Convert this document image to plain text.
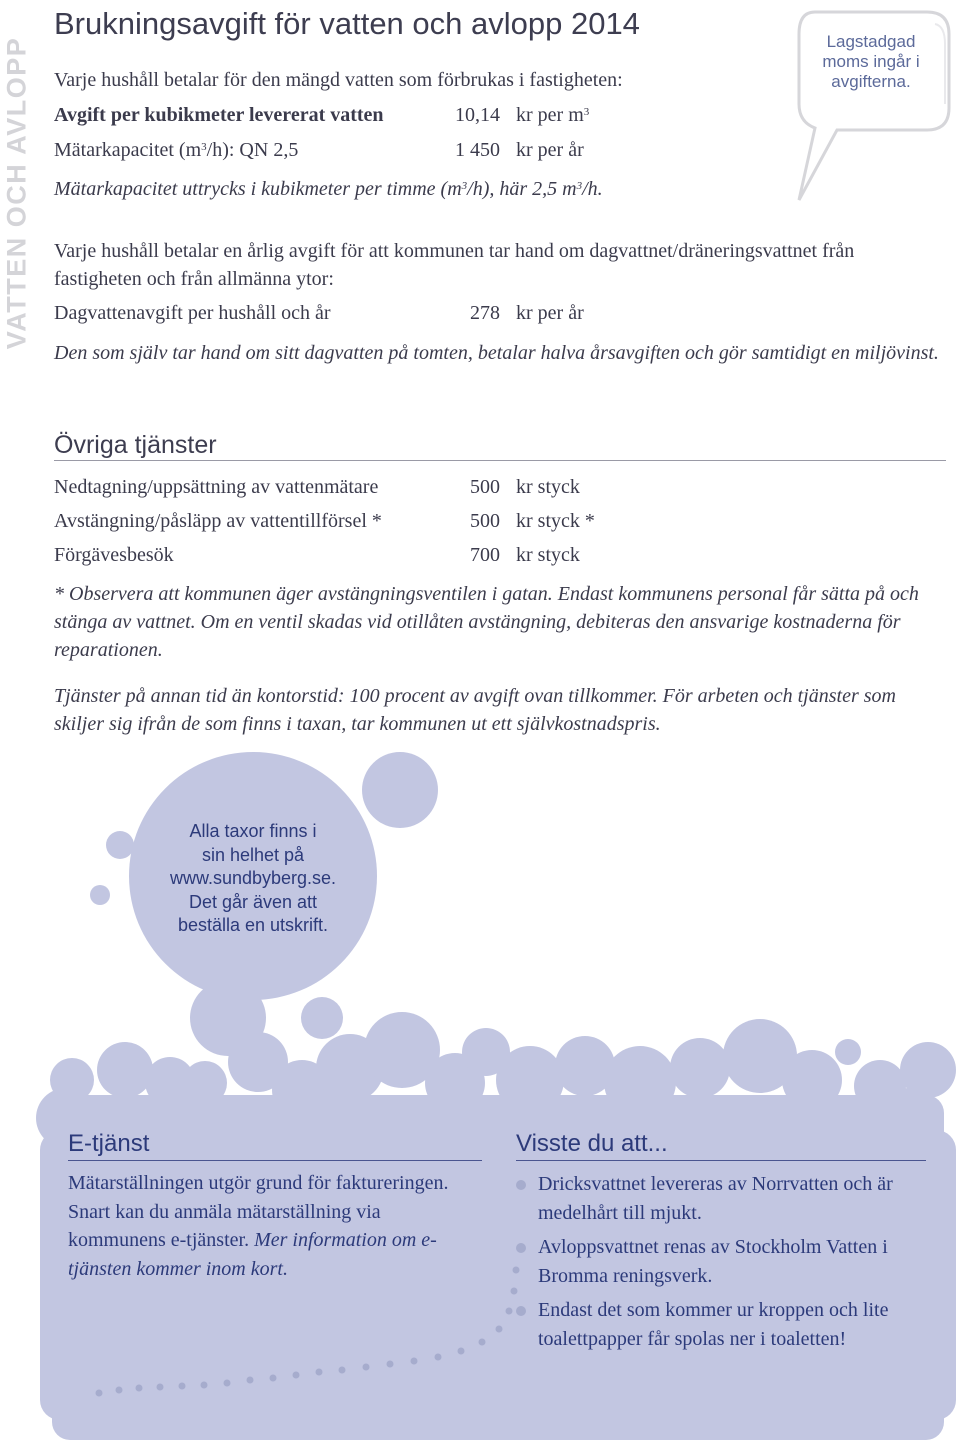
VATTEN OCH AVLOPP
Brukningsavgift för vatten och avlopp 2014
Lagstadgad
moms ingår i
avgifterna.
Varje hushåll betalar för den mängd vatten som förbrukas i fastigheten:
Avgift per kubikmeter levererat vatten	10,14 kr per $m^3$
Mätarkapacitet $(m^3/h)$: QN 2,5	1 450 kr per år
Mätarkapacitet uttrycks i kubikmeter per timme $(m^3/h)$, här 2,5 $m^3/h$.
Varje hushåll betalar en årlig avgift för att kommunen tar hand om dagvattnet/dräneringsvattnet från fastigheten och från allmänna ytor:
Dagvattenavgift per hushåll och år	278 kr per år
Den som själv tar hand om sitt dagvatten på tomten, betalar halva årsavgiften och gör samtidigt en miljövinst.
Övriga tjänster
Nedtagning/uppsättning av vattenmätare	500 kr styck
Avstängning/påsläpp av vattentillförsel *	500 kr styck *
Förgävesbesök	700 kr styck
* Observera att kommunen äger avstängningsventilen i gatan. Endast kommunens personal får sätta på och stänga av vattnet. Om en ventil skadas vid otillåten avstängning, debiteras den ansvarige kostnaderna för reparationen.
Tjänster på annan tid än kontorstid: 100 procent av avgift ovan tillkommer. För arbeten och tjänster som skiljer sig ifrån de som finns i taxan, tar kommunen ut ett självkostnadspris.
Alla taxor finns i
sin helhet på
www.sundbyberg.se.
Det går även att
beställa en utskrift.
E-tjänst
Mätarställningen utgör grund för faktureringen. Snart kan du anmäla mätarställning via kommunens e-tjänster. Mer information om e-tjänsten kommer inom kort.
Visste du att...
Dricksvattnet levereras av Norrvatten och är medelhårt till mjukt.
Avloppsvattnet renas av Stockholm Vatten i Bromma reningsverk.
Endast det som kommer ur kroppen och lite toalettpapper får spolas ner i toaletten!
